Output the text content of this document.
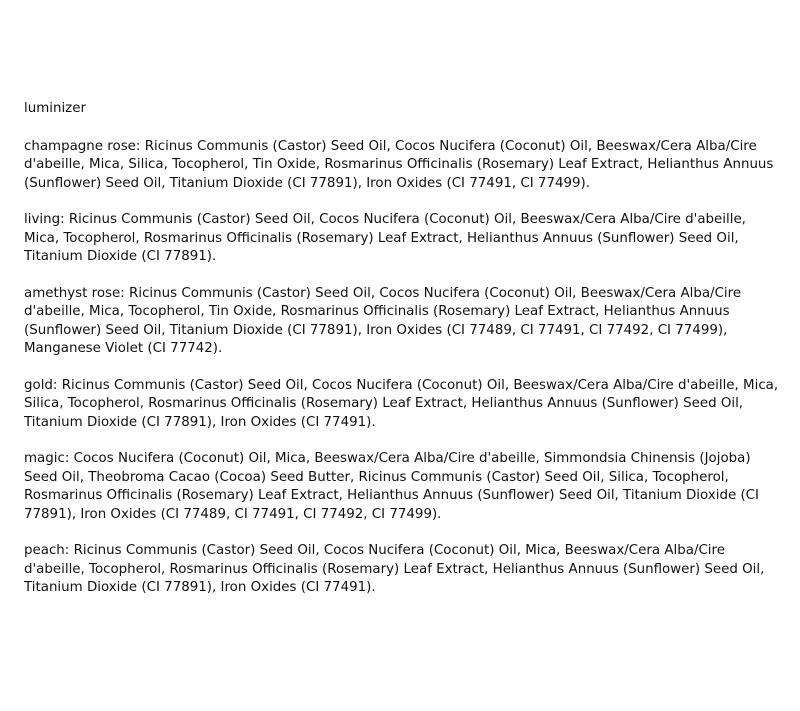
luminizer

champagne rose : Ricinus Communis (Castor) Seed Oil, Cocos Nucifera (Coconut) Oil, Beeswax/Cera Alba/Cire d'abeille, Mica, Silica, Tocopherol, Tin Oxide, Rosmarinus Officinalis (Rosemary) Leaf Extract, Helianthus Annuus (Sunflower) Seed Oil, Titanium Dioxide (CI 77891), Iron Oxides (CI 77491, CI 77499).

living : Ricinus Communis (Castor) Seed Oil, Cocos Nucifera (Coconut) Oil, Beeswax/Cera Alba/Cire d'abeille, Mica, Tocopherol, Rosmarinus Officinalis (Rosemary) Leaf Extract, Helianthus Annuus (Sunflower) Seed Oil, Titanium Dioxide (CI 77891).

amethyst rose : Ricinus Communis (Castor) Seed Oil, Cocos Nucifera (Coconut) Oil, Beeswax/Cera Alba/Cire d'abeille, Mica, Tocopherol, Tin Oxide, Rosmarinus Officinalis (Rosemary) Leaf Extract, Helianthus Annuus (Sunflower) Seed Oil, Titanium Dioxide (CI 77891), Iron Oxides (CI 77489, CI 77491, CI 77492, CI 77499), Manganese Violet (CI 77742).

gold : Ricinus Communis (Castor) Seed Oil, Cocos Nucifera (Coconut) Oil, Beeswax/Cera Alba/Cire d'abeille, Mica, Silica, Tocopherol, Rosmarinus Officinalis (Rosemary) Leaf Extract, Helianthus Annuus (Sunflower) Seed Oil, Titanium Dioxide (CI 77891), Iron Oxides (CI 77491).

magic : Cocos Nucifera (Coconut) Oil, Mica, Beeswax/Cera Alba/Cire d'abeille, Simmondsia Chinensis (Jojoba) Seed Oil, Theobroma Cacao (Cocoa) Seed Butter, Ricinus Communis (Castor) Seed Oil, Silica, Tocopherol, Rosmarinus Officinalis (Rosemary) Leaf Extract, Helianthus Annuus (Sunflower) Seed Oil, Titanium Dioxide (CI 77891), Iron Oxides (CI 77489, CI 77491, CI 77492, CI 77499).

peach : Ricinus Communis (Castor) Seed Oil, Cocos Nucifera (Coconut) Oil, Mica, Beeswax/Cera Alba/Cire d'abeille, Tocopherol, Rosmarinus Officinalis (Rosemary) Leaf Extract, Helianthus Annuus (Sunflower) Seed Oil, Titanium Dioxide (CI 77891), Iron Oxides (CI 77491).
